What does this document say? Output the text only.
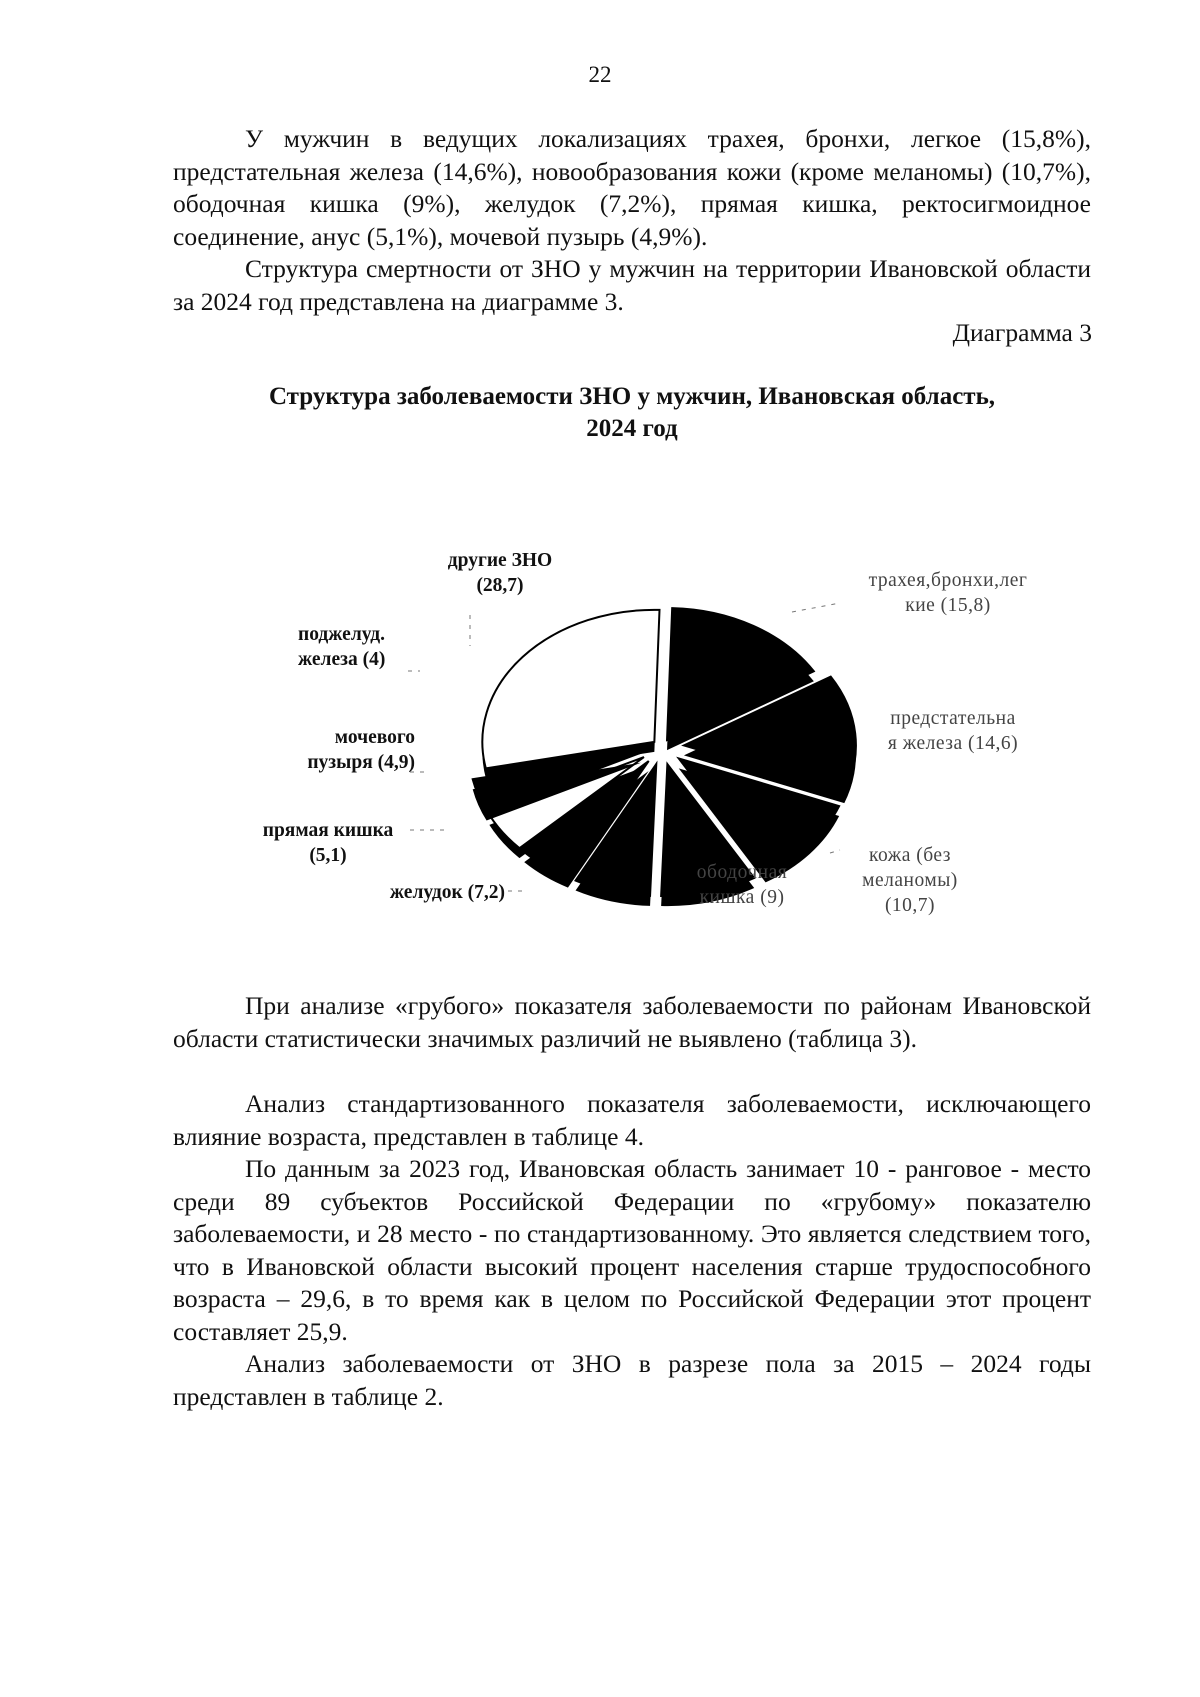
22

У мужчин в ведущих локализациях трахея, бронхи, легкое (15,8%), предстательная железа (14,6%), новообразования кожи (кроме меланомы) (10,7%), ободочная кишка (9%), желудок (7,2%), прямая кишка, ректосигмоидное соединение, анус (5,1%), мочевой пузырь (4,9%).

Структура смертности от ЗНО у мужчин на территории Ивановской области за 2024 год представлена на диаграмме 3.

Диаграмма 3
Структура заболеваемости ЗНО у мужчин, Ивановская область,
2024 год
трахея,бронхи,лег
кие (15,8)
предстательна
я железа (14,6)
кожа (без
меланомы)
(10,7)
ободочная
кишка (9)
желудок (7,2)
прямая кишка
(5,1)
мочевого
пузыря (4,9)
поджелуд.
железа (4)
другие ЗНО
(28,7)

При анализе «грубого» показателя заболеваемости по районам Ивановской области статистически значимых различий не выявлено (таблица 3).

Анализ стандартизованного показателя заболеваемости, исключающего влияние возраста, представлен в таблице 4.

По данным за 2023 год, Ивановская область занимает 10 - ранговое - место среди 89 субъектов Российской Федерации по «грубому» показателю заболеваемости, и 28 место - по стандартизованному. Это является следствием того, что в Ивановской области высокий процент населения старше трудоспособного возраста – 29,6, в то время как в целом по Российской Федерации этот процент составляет 25,9.

Анализ заболеваемости от ЗНО в разрезе пола за 2015 – 2024 годы представлен в таблице 2.
